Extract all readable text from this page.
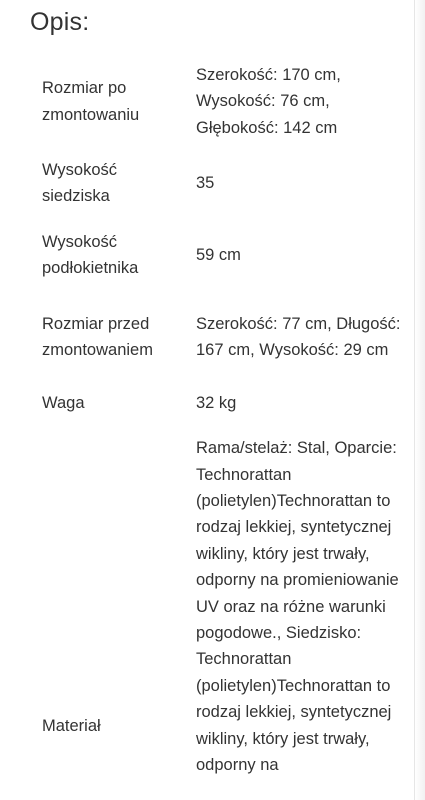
Opis:
Rozmiar po zmontowaniu	Szerokość: 170 cm, Wysokość: 76 cm, Głębokość: 142 cm
Wysokość siedziska	35
Wysokość podłokietnika	59 cm
Rozmiar przed zmontowaniem	Szerokość: 77 cm, Długość: 167 cm, Wysokość: 29 cm
Waga	32 kg
Materiał	Rama/stelaż: Stal, Oparcie: Technorattan (polietylen)Technorattan to rodzaj lekkiej, syntetycznej wikliny, który jest trwały, odporny na promieniowanie UV oraz na różne warunki pogodowe., Siedzisko: Technorattan (polietylen)Technorattan to rodzaj lekkiej, syntetycznej wikliny, który jest trwały, odporny na
